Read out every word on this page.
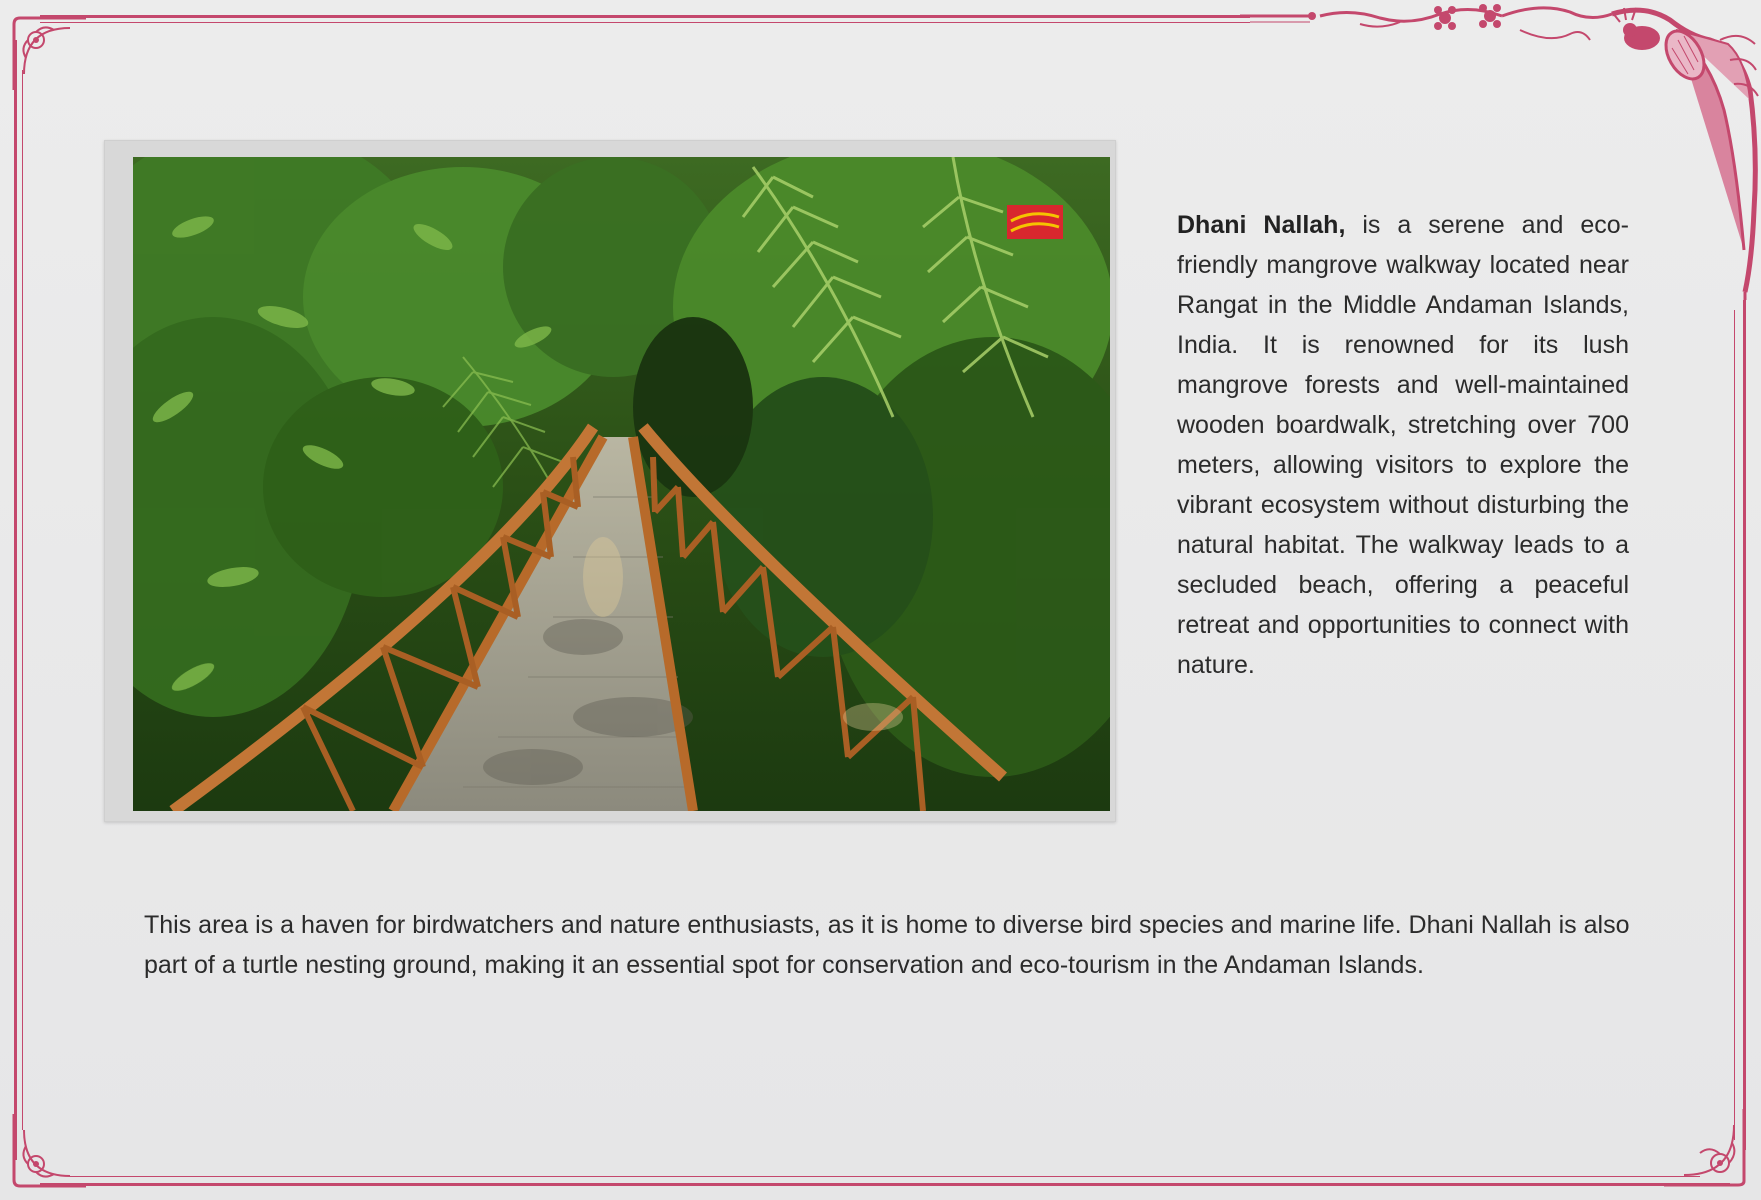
Dhani Nallah, is a serene and eco-friendly mangrove walkway located near Rangat in the Middle Andaman Islands, India. It is renowned for its lush mangrove forests and well-maintained wooden boardwalk, stretching over 700 meters, allowing visitors to explore the vibrant ecosystem without disturbing the natural habitat. The walkway leads to a secluded beach, offering a peaceful retreat and opportunities to connect with nature.
This area is a haven for birdwatchers and nature enthusiasts, as it is home to diverse bird species and marine life. Dhani Nallah is also part of a turtle nesting ground, making it an essential spot for conservation and eco-tourism in the Andaman Islands.
